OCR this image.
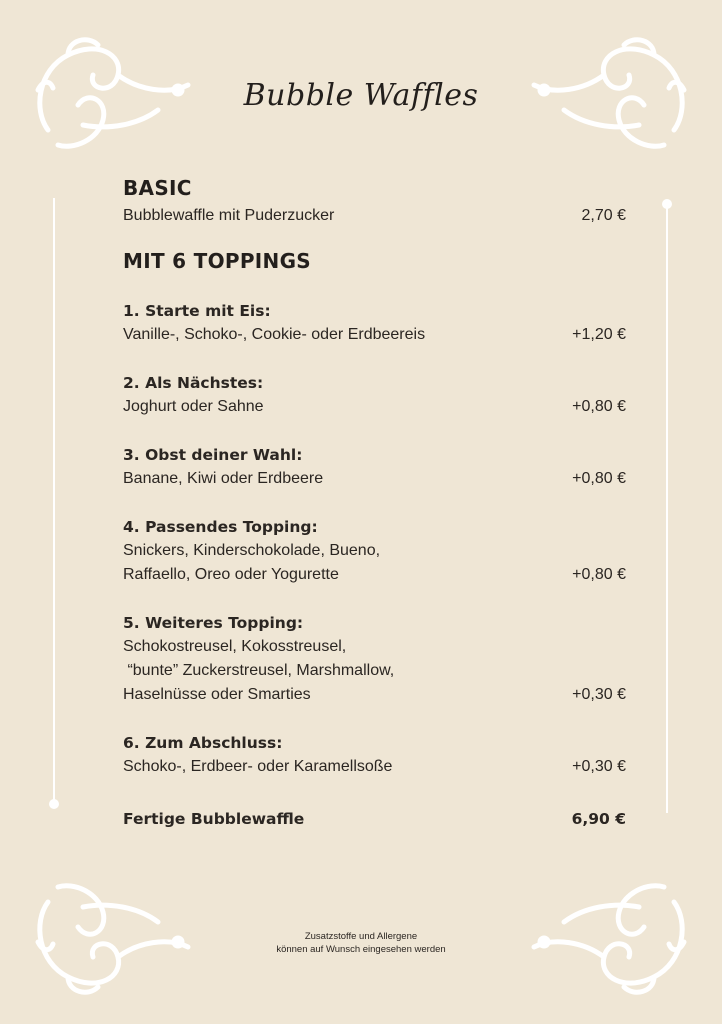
Bubble Waffles
BASIC
Bubblewaffle mit Puderzucker	2,70 €
MIT 6 TOPPINGS
1. Starte mit Eis:
Vanille-, Schoko-, Cookie- oder Erdbeereis	+1,20 €
2. Als Nächstes:
Joghurt oder Sahne	+0,80 €
3. Obst deiner Wahl:
Banane, Kiwi oder Erdbeere	+0,80 €
4. Passendes Topping:
Snickers, Kinderschokolade, Bueno,
Raffaello, Oreo oder Yogurette	+0,80 €
5. Weiteres Topping:
Schokostreusel, Kokosstreusel,
“bunte” Zuckerstreusel, Marshmallow,
Haselnüsse oder Smarties	+0,30 €
6. Zum Abschluss:
Schoko-, Erdbeer- oder Karamellsoße	+0,30 €
Fertige Bubblewaffle	6,90 €
Zusatzstoffe und Allergene
können auf Wunsch eingesehen werden
